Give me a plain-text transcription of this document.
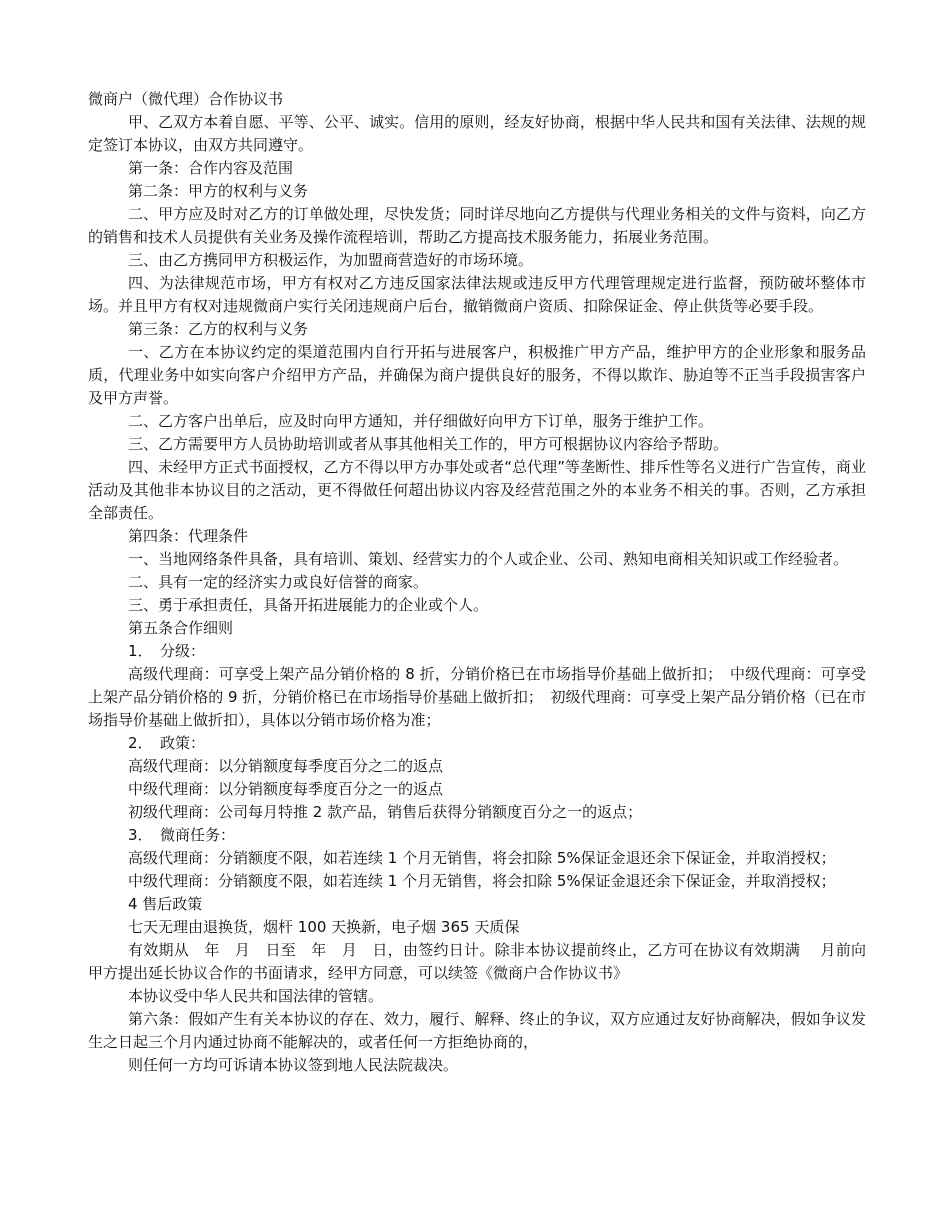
微商户（微代理）合作协议书

甲、乙双方本着自愿、平等、公平、诚实。信用的原则，经友好协商，根据中华人民共和国有关法律、法规的规定签订本协议，由双方共同遵守。

第一条：合作内容及范围

第二条：甲方的权利与义务

二、甲方应及时对乙方的订单做处理，尽快发货；同时详尽地向乙方提供与代理业务相关的文件与资料，向乙方的销售和技术人员提供有关业务及操作流程培训，帮助乙方提高技术服务能力，拓展业务范围。

三、由乙方携同甲方积极运作，为加盟商营造好的市场环境。

四、为法律规范市场，甲方有权对乙方违反国家法律法规或违反甲方代理管理规定进行监督，预防破坏整体市场。并且甲方有权对违规微商户实行关闭违规商户后台，撤销微商户资质、扣除保证金、停止供货等必要手段。

第三条：乙方的权利与义务

一、乙方在本协议约定的渠道范围内自行开拓与进展客户，积极推广甲方产品，维护甲方的企业形象和服务品质，代理业务中如实向客户介绍甲方产品，并确保为商户提供良好的服务，不得以欺诈、胁迫等不正当手段损害客户及甲方声誉。

二、乙方客户出单后，应及时向甲方通知，并仔细做好向甲方下订单，服务于维护工作。

三、乙方需要甲方人员协助培训或者从事其他相关工作的，甲方可根据协议内容给予帮助。

四、未经甲方正式书面授权，乙方不得以甲方办事处或者“总代理”等垄断性、排斥性等名义进行广告宣传，商业活动及其他非本协议目的之活动，更不得做任何超出协议内容及经营范围之外的本业务不相关的事。否则，乙方承担全部责任。

第四条：代理条件

一、当地网络条件具备，具有培训、策划、经营实力的个人或企业、公司、熟知电商相关知识或工作经验者。

二、具有一定的经济实力或良好信誉的商家。

三、勇于承担责任，具备开拓进展能力的企业或个人。

第五条合作细则

1．　分级：

高级代理商：可享受上架产品分销价格的 8 折，分销价格已在市场指导价基础上做折扣；　中级代理商：可享受上架产品分销价格的 9 折，分销价格已在市场指导价基础上做折扣；　初级代理商：可享受上架产品分销价格（已在市场指导价基础上做折扣），具体以分销市场价格为准；

2．　政策：

高级代理商：以分销额度每季度百分之二的返点

中级代理商：以分销额度每季度百分之一的返点

初级代理商：公司每月特推 2 款产品，销售后获得分销额度百分之一的返点；

3．　微商任务：

高级代理商：分销额度不限，如若连续 1 个月无销售，将会扣除 5%保证金退还余下保证金，并取消授权；

中级代理商：分销额度不限，如若连续 1 个月无销售，将会扣除 5%保证金退还余下保证金，并取消授权；

4 售后政策

七天无理由退换货，烟杆 100 天换新，电子烟 365 天质保

有效期从　年　月　日至　年　月　日，由签约日计。除非本协议提前终止，乙方可在协议有效期满　 月前向甲方提出延长协议合作的书面请求，经甲方同意，可以续签《微商户合作协议书》

本协议受中华人民共和国法律的管辖。

第六条：假如产生有关本协议的存在、效力，履行、解释、终止的争议，双方应通过友好协商解决，假如争议发生之日起三个月内通过协商不能解决的，或者任何一方拒绝协商的，

则任何一方均可诉请本协议签到地人民法院裁决。
